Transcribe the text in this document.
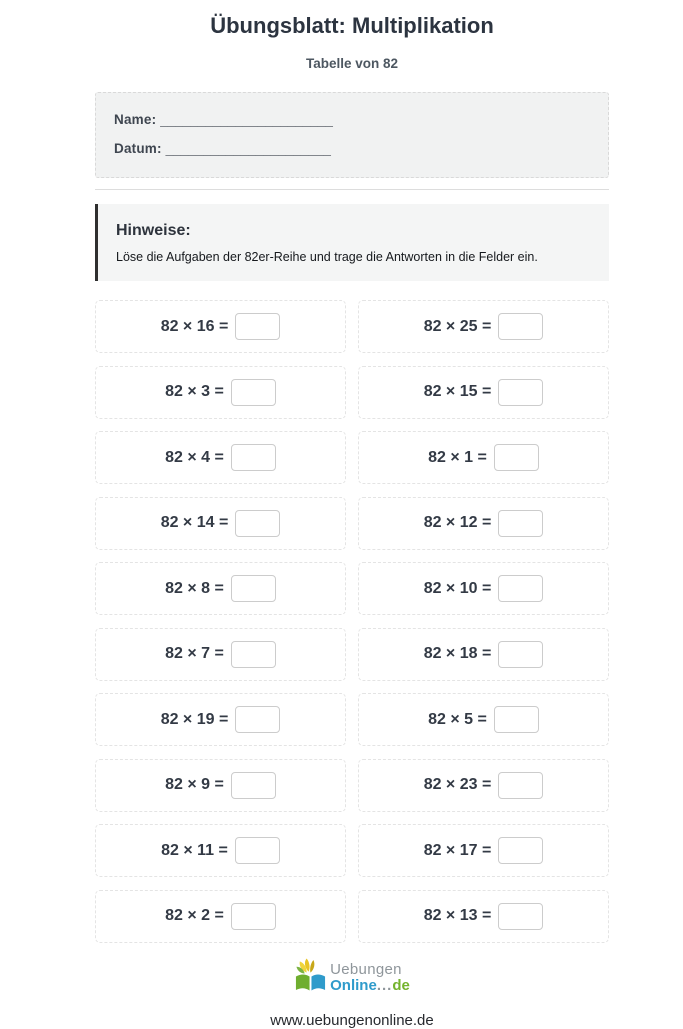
Übungsblatt: Multiplikation
Tabelle von 82
Name: _______________________
Datum: ______________________
Hinweise:

Löse die Aufgaben der 82er-Reihe und trage die Antworten in die Felder ein.

82 × 16 =	82 × 25 =
82 × 3 =	82 × 15 =
82 × 4 =	82 × 1 =
82 × 14 =	82 × 12 =
82 × 8 =	82 × 10 =
82 × 7 =	82 × 18 =
82 × 19 =	82 × 5 =
82 × 9 =	82 × 23 =
82 × 11 =	82 × 17 =
82 × 2 =	82 × 13 =
Uebungen
Online...de
www.uebungenonline.de
